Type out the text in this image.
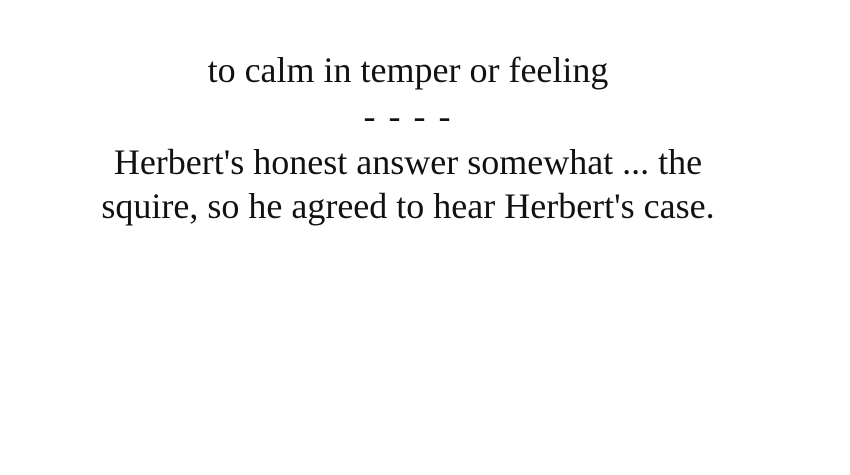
to calm in temper or feeling
- - - -
Herbert's honest answer somewhat ... the
squire, so he agreed to hear Herbert's case.
